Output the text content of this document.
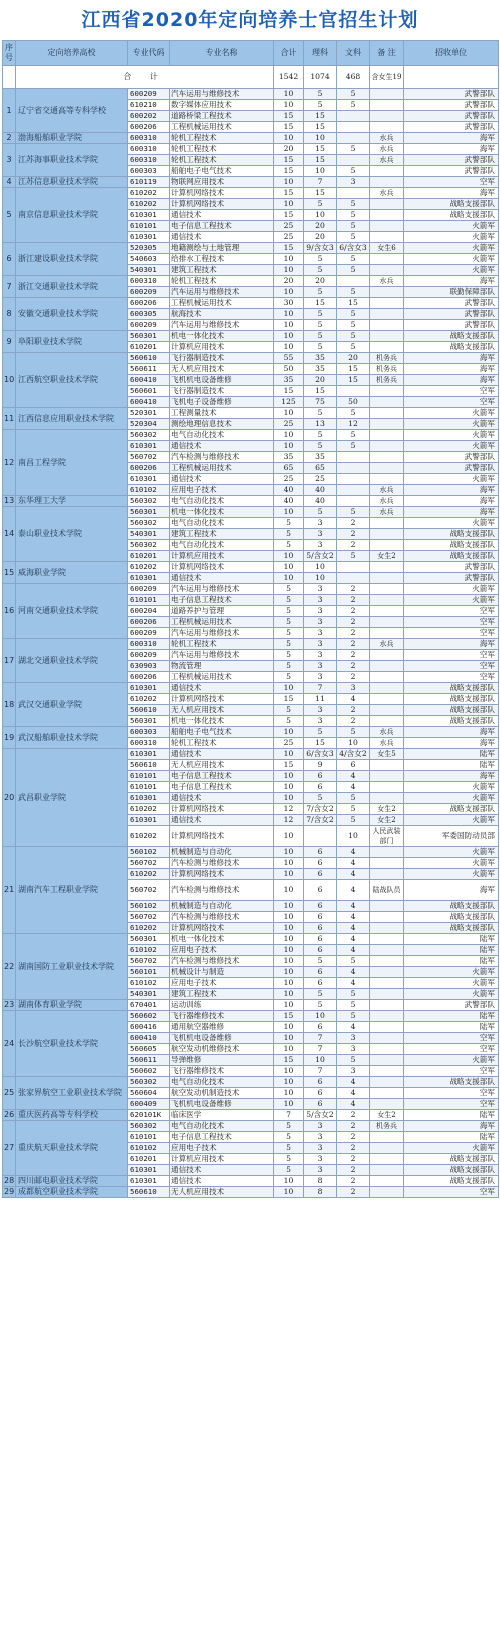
江西省2020年定向培养士官招生计划
序号	定向培养高校	专业代码	专业名称	合计	理科	文科	备 注	招收单位
	合 计			1542	1074	468	含女生19	
1	辽宁省交通高等专科学校	600209	汽车运用与维修技术	10	5	5		武警部队
		610210	数字媒体应用技术	10	5	5		武警部队
		600202	道路桥梁工程技术	15	15			武警部队
		600206	工程机械运用技术	15	15			武警部队
2	渤海船舶职业学院	600310	轮机工程技术	10	10		水兵	海军
3	江苏海事职业技术学院	600310	轮机工程技术	20	15	5	水兵	海军
		600310	轮机工程技术	15	15		水兵	武警部队
		600303	船舶电子电气技术	15	10	5		武警部队
4	江苏信息职业技术学院	610119	物联网应用技术	10	7	3		空军
5	南京信息职业技术学院	610202	计算机网络技术	15	15		水兵	海军
		610202	计算机网络技术	10	5	5		战略支援部队
		610301	通信技术	15	10	5		战略支援部队
		610101	电子信息工程技术	25	20	5		火箭军
		610301	通信技术	25	20	5		火箭军
6	浙江建设职业技术学院	520305	地籍测绘与土地管理	15	9/含女3	6/含女3	女生6	火箭军
		540603	给排水工程技术	10	5	5		火箭军
		540301	建筑工程技术	10	5	5		火箭军
7	浙江交通职业技术学院	600310	轮机工程技术	20	20		水兵	海军
		600209	汽车运用与维修技术	10	5	5		联勤保障部队
8	安徽交通职业技术学院	600206	工程机械运用技术	30	15	15		武警部队
		600305	航海技术	10	5	5		武警部队
		600209	汽车运用与维修技术	10	5	5		武警部队
9	阜阳职业技术学院	560301	机电一体化技术	10	5	5		战略支援部队
		610201	计算机应用技术	10	5	5		战略支援部队
10	江西航空职业技术学院	560610	飞行器制造技术	55	35	20	机务兵	海军
		560611	无人机应用技术	50	35	15	机务兵	海军
		600410	飞机机电设备维修	35	20	15	机务兵	海军
		560601	飞行器制造技术	15	15			空军
		600410	飞机电子设备维修	125	75	50		空军
11	江西信息应用职业技术学院	520301	工程测量技术	10	5	5		火箭军
		520304	测绘地理信息技术	25	13	12		火箭军
12	南昌工程学院	560302	电气自动化技术	10	5	5		火箭军
		610301	通信技术	10	5	5		火箭军
		560702	汽车检测与维修技术	35	35			武警部队
		600206	工程机械运用技术	65	65			武警部队
		610301	通信技术	25	25			火箭军
		610102	应用电子技术	40	40		水兵	海军
13	东华理工大学	560302	电气自动化技术	40	40		水兵	海军
14	泰山职业技术学院	560301	机电一体化技术	10	5	5	水兵	海军
		560302	电气自动化技术	5	3	2		火箭军
		540301	建筑工程技术	5	3	2		战略支援部队
		560302	电气自动化技术	5	3	2		战略支援部队
		610201	计算机应用技术	10	5/含女2	5	女生2	战略支援部队
15	威海职业学院	610202	计算机网络技术	10	10			武警部队
		610301	通信技术	10	10			武警部队
16	河南交通职业技术学院	600209	汽车运用与维修技术	5	3	2		火箭军
		610101	电子信息工程技术	5	3	2		火箭军
		600204	道路养护与管理	5	3	2		空军
		600206	工程机械运用技术	5	3	2		空军
		600209	汽车运用与维修技术	5	3	2		空军
17	湖北交通职业技术学院	600310	轮机工程技术	5	3	2	水兵	海军
		600209	汽车运用与维修技术	5	3	2		空军
		630903	物流管理	5	3	2		空军
		600206	工程机械运用技术	5	3	2		空军
18	武汉交通职业学院	610301	通信技术	10	7	3		战略支援部队
		610202	计算机网络技术	15	11	4		战略支援部队
		560610	无人机应用技术	5	3	2		战略支援部队
		560301	机电一体化技术	5	3	2		战略支援部队
19	武汉船舶职业技术学院	600303	船舶电子电气技术	10	5	5	水兵	海军
		600310	轮机工程技术	25	15	10	水兵	海军
20	武昌职业学院	610301	通信技术	10	6/含女3	4/含女2	女生5	陆军
		560610	无人机应用技术	15	9	6		陆军
		610101	电子信息工程技术	10	6	4		海军
		610101	电子信息工程技术	10	6	4		火箭军
		610301	通信技术	10	5	5		火箭军
		610202	计算机网络技术	12	7/含女2	5	女生2	战略支援部队
		610301	通信技术	12	7/含女2	5	女生2	火箭军
		610202	计算机网络技术	10		10	人民武装部门	军委国防动员部
21	湖南汽车工程职业学院	560102	机械制造与自动化	10	6	4		火箭军
		560702	汽车检测与维修技术	10	6	4		火箭军
		610202	计算机网络技术	10	6	4		火箭军
		560702	汽车检测与维修技术	10	6	4	陆战队员	海军
		560102	机械制造与自动化	10	6	4		战略支援部队
		560702	汽车检测与维修技术	10	6	4		战略支援部队
		610202	计算机网络技术	10	6	4		战略支援部队
22	湖南国防工业职业技术学院	560301	机电一体化技术	10	6	4		陆军
		610102	应用电子技术	10	6	4		陆军
		560702	汽车检测与维修技术	10	5	5		陆军
		560101	机械设计与制造	10	6	4		火箭军
		610102	应用电子技术	10	6	4		火箭军
		540301	建筑工程技术	10	5	5		火箭军
23	湖南体育职业学院	670401	运动训练	10	5	5		武警部队
24	长沙航空职业技术学院	560602	飞行器维修技术	15	10	5		陆军
		600416	通用航空器维修	10	6	4		陆军
		600410	飞机机电设备维修	10	7	3		空军
		560605	航空发动机维修技术	10	7	3		空军
		560611	导弹维修	15	10	5		火箭军
		560602	飞行器维修技术	10	7	3		空军
25	张家界航空工业职业技术学院	560302	电气自动化技术	10	6	4		战略支援部队
		560604	航空发动机制造技术	10	6	4		空军
		600409	飞机机电设备维修	10	6	4		空军
26	重庆医药高等专科学校	620101K	临床医学	7	5/含女2	2	女生2	陆军
27	重庆航天职业技术学院	560302	电气自动化技术	5	3	2	机务兵	海军
		610101	电子信息工程技术	5	3	2		陆军
		610102	应用电子技术	5	3	2		火箭军
		610201	计算机应用技术	5	3	2		战略支援部队
		610301	通信技术	5	3	2		战略支援部队
28	四川邮电职业技术学院	610301	通信技术	10	8	2		战略支援部队
29	成都航空职业技术学院	560610	无人机应用技术	10	8	2		空军
